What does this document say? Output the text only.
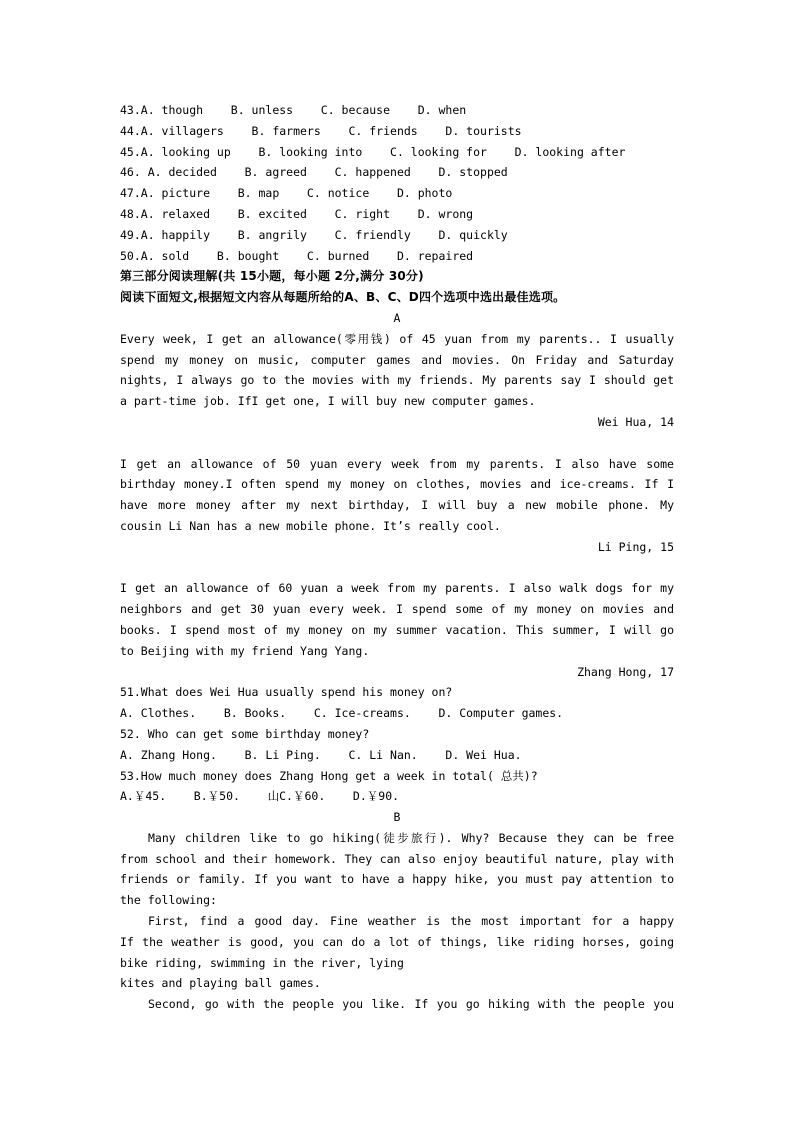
43.A. though    B. unless    C. because    D. when
44.A. villagers    B. farmers    C. friends    D. tourists
45.A. looking up    B. looking into    C. looking for    D. looking after
46. A. decided    B. agreed    C. happened    D. stopped
47.A. picture    B. map    C. notice    D. photo
48.A. relaxed    B. excited    C. right    D. wrong
49.A. happily    B. angrily    C. friendly    D. quickly
50.A. sold    B. bought    C. burned    D. repaired
第三部分阅读理解(共 15小题，每小题 2分,满分 30分)
阅读下面短文,根据短文内容从每题所给的A、B、C、D四个选项中选出最佳选项。
A
Every week, I get an allowance(零用钱) of 45 yuan from my parents.. I usually
spend my money on music, computer games and movies. On Friday and Saturday
nights, I always go to the movies with my friends. My parents say I should get
a part-time job. IfI get one, I will buy new computer games.
Wei Hua, 14
I get an allowance of 50 yuan every week from my parents. I also have some
birthday money.I often spend my money on clothes, movies and ice-creams. If I
have more money after my next birthday, I will buy a new mobile phone. My
cousin Li Nan has a new mobile phone. It’s really cool.
Li Ping, 15
I get an allowance of 60 yuan a week from my parents. I also walk dogs for my
neighbors and get 30 yuan every week. I spend some of my money on movies and
books. I spend most of my money on my summer vacation. This summer, I will go
to Beijing with my friend Yang Yang.
Zhang Hong, 17
51.What does Wei Hua usually spend his money on?
A. Clothes.    B. Books.    C. Ice-creams.    D. Computer games.
52. Who can get some birthday money?
A. Zhang Hong.    B. Li Ping.    C. Li Nan.    D. Wei Hua.
53.How much money does Zhang Hong get a week in total( 总共)?
A.￥45.    B.￥50.    山C.￥60.    D.￥90.
B
Many children like to go hiking(徒步旅行). Why? Because they can be free
from school and their homework. They can also enjoy beautiful nature, play with
friends or family. If you want to have a happy hike, you must pay attention to
the following:
First, find a good day. Fine weather is the most important for a happy
If the weather is good, you can do a lot of things, like riding horses, going
bike riding, swimming in the river, lying
kites and playing ball games.
Second, go with the people you like. If you go hiking with the people you
